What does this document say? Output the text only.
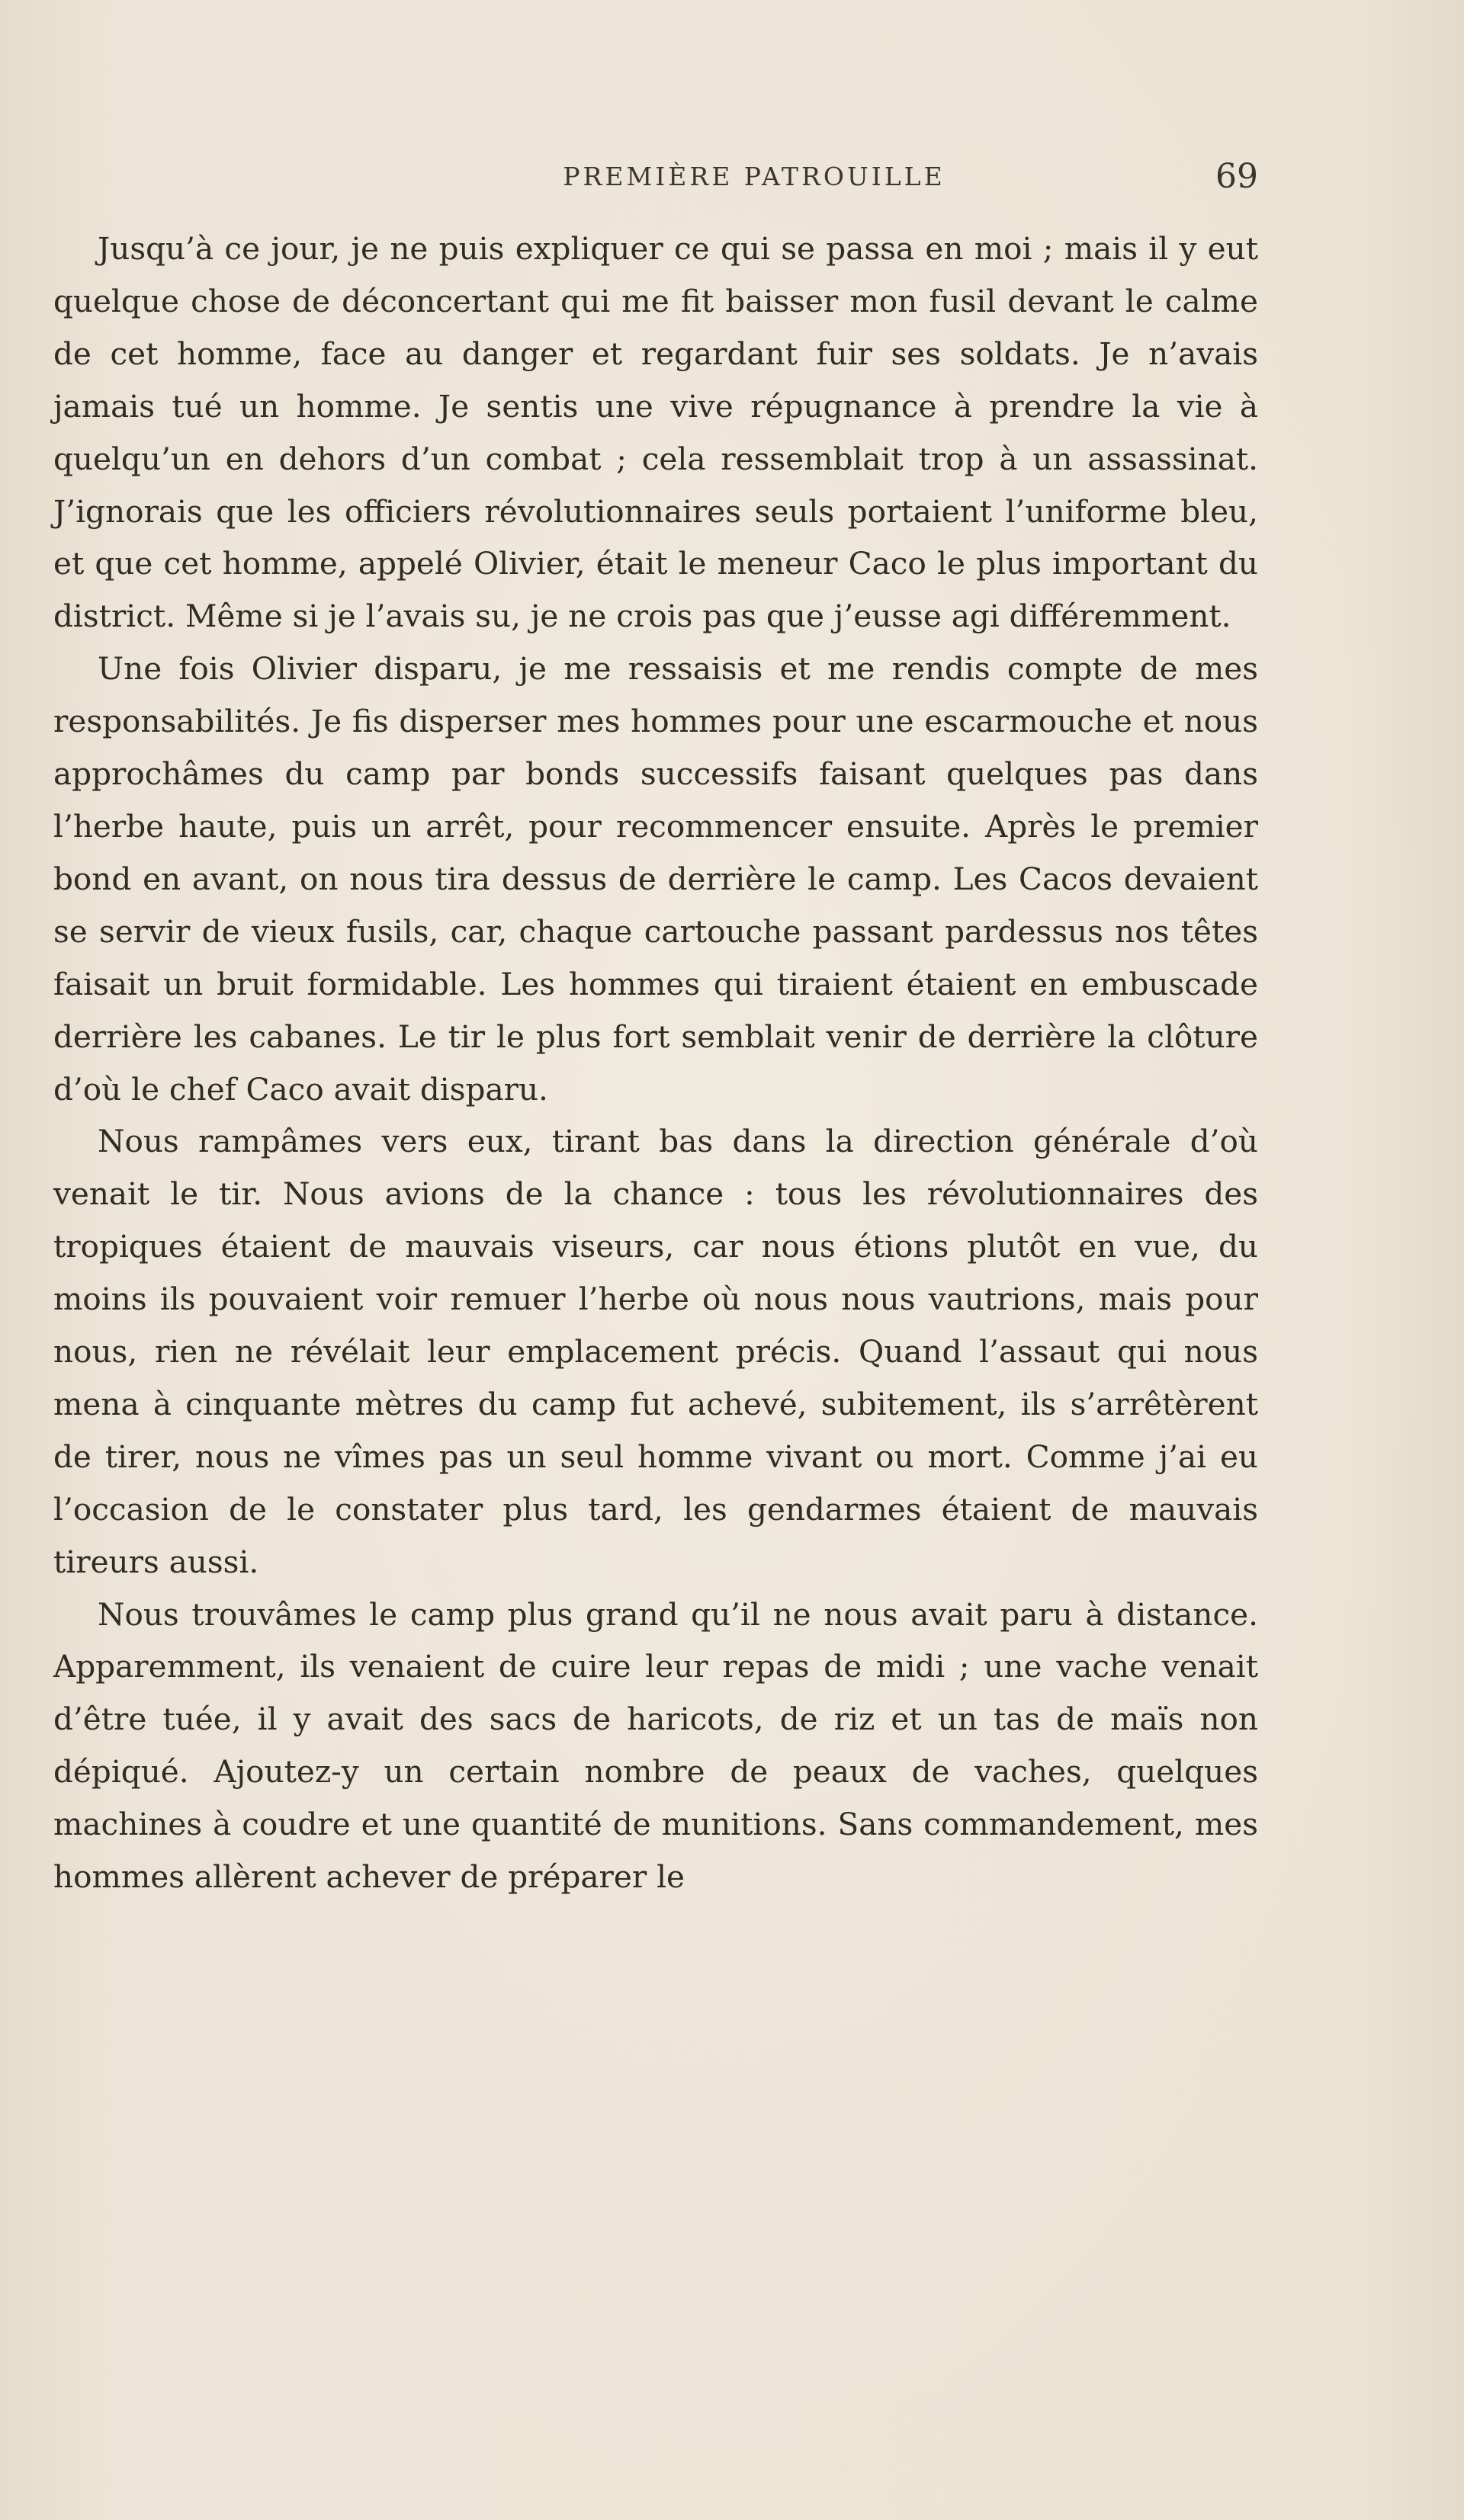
PREMIÈRE PATROUILLE	69

Jusqu’à ce jour, je ne puis expliquer ce qui se passa en moi ; mais il y eut quelque chose de déconcertant qui me fit baisser mon fusil devant le calme de cet homme, face au danger et regardant fuir ses soldats. Je n’avais jamais tué un homme. Je sentis une vive répugnance à prendre la vie à quelqu’un en dehors d’un combat ; cela ressemblait trop à un assassinat. J’ignorais que les officiers révolutionnaires seuls portaient l’uniforme bleu, et que cet homme, appelé Olivier, était le meneur Caco le plus important du district. Même si je l’avais su, je ne crois pas que j’eusse agi différemment.

Une fois Olivier disparu, je me ressaisis et me rendis compte de mes responsabilités. Je fis disperser mes hommes pour une escarmouche et nous approchâmes du camp par bonds successifs faisant quelques pas dans l’herbe haute, puis un arrêt, pour recommencer ensuite. Après le premier bond en avant, on nous tira dessus de derrière le camp. Les Cacos devaient se servir de vieux fusils, car, chaque cartouche passant pardessus nos têtes faisait un bruit formidable. Les hommes qui tiraient étaient en embuscade derrière les cabanes. Le tir le plus fort semblait venir de derrière la clôture d’où le chef Caco avait disparu.

Nous rampâmes vers eux, tirant bas dans la direction générale d’où venait le tir. Nous avions de la chance : tous les révolutionnaires des tropiques étaient de mauvais viseurs, car nous étions plutôt en vue, du moins ils pouvaient voir remuer l’herbe où nous nous vautrions, mais pour nous, rien ne révélait leur emplacement précis. Quand l’assaut qui nous mena à cinquante mètres du camp fut achevé, subitement, ils s’arrêtèrent de tirer, nous ne vîmes pas un seul homme vivant ou mort. Comme j’ai eu l’occasion de le constater plus tard, les gendarmes étaient de mauvais tireurs aussi.

Nous trouvâmes le camp plus grand qu’il ne nous avait paru à distance. Apparemment, ils venaient de cuire leur repas de midi ; une vache venait d’être tuée, il y avait des sacs de haricots, de riz et un tas de maïs non dépiqué. Ajoutez-y un certain nombre de peaux de vaches, quelques machines à coudre et une quantité de munitions. Sans commandement, mes hommes allèrent achever de préparer le
